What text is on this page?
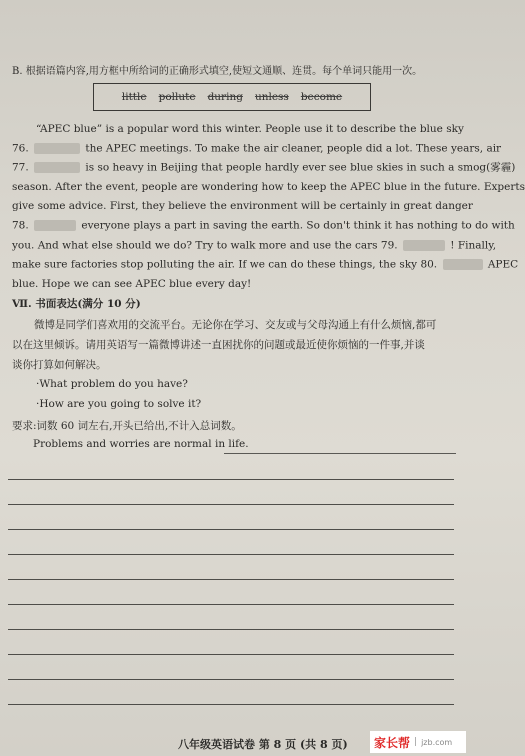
B. 根据语篇内容,用方框中所给词的正确形式填空,使短文通顺、连贯。每个单词只能用一次。
little pollute during unless become
“APEC blue” is a popular word this winter. People use it to describe the blue sky
76.	the APEC meetings. To make the air cleaner, people did a lot. These years, air
77.	is so heavy in Beijing that people hardly ever see blue skies in such a smog(雾霾)
season. After the event, people are wondering how to keep the APEC blue in the future. Experts
give some advice. First, they believe the environment will be certainly in great danger
78.	everyone plays a part in saving the earth. So don't think it has nothing to do with
you. And what else should we do? Try to walk more and use the cars 79.	! Finally,
make sure factories stop polluting the air. If we can do these things, the sky 80.	APEC
blue. Hope we can see APEC blue every day!
Ⅶ. 书面表达(满分 10 分)
微博是同学们喜欢用的交流平台。无论你在学习、交友或与父母沟通上有什么烦恼,都可
以在这里倾诉。请用英语写一篇微博讲述一直困扰你的问题或最近使你烦恼的一件事,并谈
谈你打算如何解决。
·What problem do you have?
·How are you going to solve it?
要求:词数 60 词左右,开头已给出,不计入总词数。
Problems and worries are normal in life.
八年级英语试卷 第 8 页 (共 8 页) 家长帮 | jzb.com
